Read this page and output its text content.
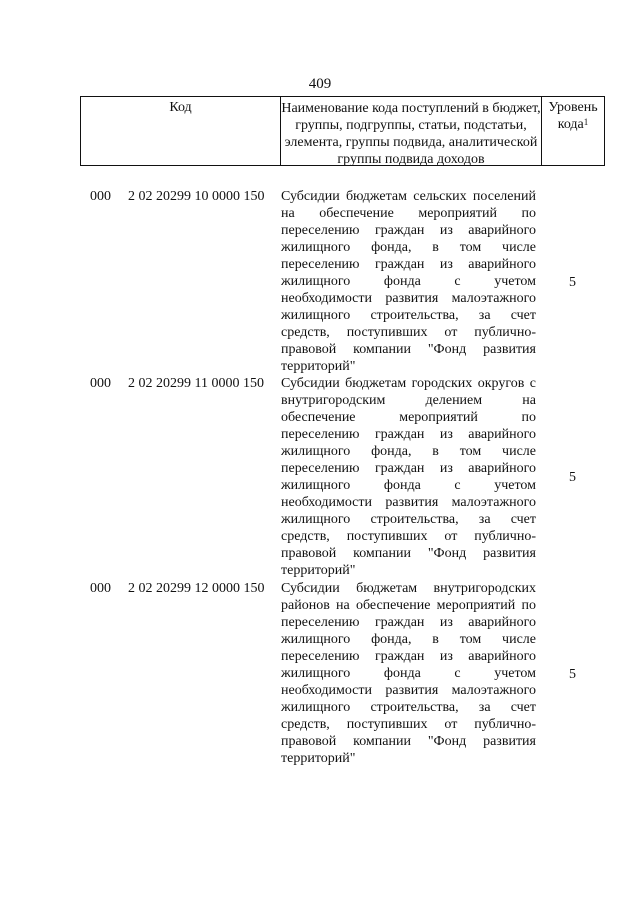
409
Код	Наименование кода поступлений в бюджет, группы, подгруппы, статьи, подстатьи, элемента, группы подвида, аналитической группы подвида доходов
Уровень кода$^1$
000 2 02 20299 10 0000 150 Субсидии бюджетам сельских поселений на обеспечение мероприятий по переселению граждан из аварийного жилищного фонда, в том числе переселению граждан из аварийного жилищного фонда с учетом необходимости развития малоэтажного жилищного строительства, за счет средств, поступивших от публично-правовой компании "Фонд развития территорий"
5
000 2 02 20299 11 0000 150 Субсидии бюджетам городских округов с внутригородским делением на обеспечение мероприятий по переселению граждан из аварийного жилищного фонда, в том числе переселению граждан из аварийного жилищного фонда с учетом необходимости развития малоэтажного жилищного строительства, за счет средств, поступивших от публично-правовой компании "Фонд развития территорий"
5
000 2 02 20299 12 0000 150 Субсидии бюджетам внутригородских районов на обеспечение мероприятий по переселению граждан из аварийного жилищного фонда, в том числе переселению граждан из аварийного жилищного фонда с учетом необходимости развития малоэтажного жилищного строительства, за счет средств, поступивших от публично-правовой компании "Фонд развития территорий"
5
